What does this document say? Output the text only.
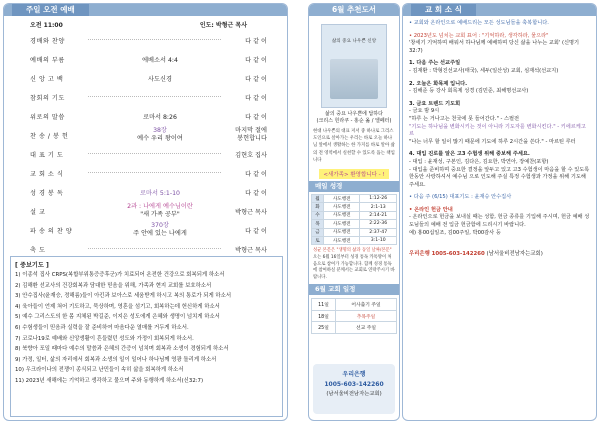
주일 오전 예배
오전 11:00	인도: 박형근 목사
경배와 찬양	다 같 이
예배의 부름	에베소서 4:4	다 같 이
신 앙 고 백	사도신경	다 같 이
참회의 기도	다 같 이
위로의 말씀	로마서 8:26	다 같 이
찬 송 / 봉 헌
38장
예수 우리 왕이여
마지막 절에
봉헌합니다
대 표 기 도	김현호 집사
교 회 소 식	다 같 이
성 경 봉 독	로마서 5:1-10	다 같 이
설 교
2과 : 나에게 예수님이란
"새 가족 공부"	박형근 목사
파 송 의 찬 양
370장
주 안에 있는 나에게	다 같 이
축 도	박형근 목사
[ 중보기도 ]
1) 이종석 집사 CRPS(복합부위통증증후군)가 치료되어 온전한 건강으로 회복되게 하소서
2) 김해환 선교사의 건강회복과 담대한 믿음을 위해, 가족과 현지 교회를 보호하소서
3) 안수집사(윤재승, 정해름)들이 아킨과 보아스로 세움받게 하시고 복의 통로가 되게 하소서
4) 육아들이 언제 쳐어 기도하고, 묵상하며, 영혼을 섬기고, 회복하는데 헌신하게 하소서
5) 예수 그리스도의 한 몸 지체된 박길준, 이지은 성도에게 은혜와 생명이 넘치게 하소서
6) 수험생들이 믿음과 실력을 잘 준비하여 마음다운 열매를 거두게 하소서.
7) 코로나19로 예배와 신앙생활이 흔들렸던 성도와 가정이 회복되게 하소서.
8) 북향아 포일 때마다 예수의 말씀과 은혜의 간증이 넘치며 회복과 소생이 경험되게 하소서
9) 가정, 일터, 삶의 자리에서 회복과 소생의 일이 일어나 하나님께 영광 돌리게 하소서
10) 우크라이나의 전쟁이 종식되고 난민들이 속히 삶을 회복하게 하소서
11) 2023년 새해에는 기억하고 생각하고 물으며 주와 동행하게 하소서(신32:7)
6월 추천도서
삶의 중요 나우쁜 신앙
삶의 중요 나우쁜에 답하다
(크리스 힌라쿠 - 홍순 옮 / 엘페터)
현대 나우쁜의 대표 저서 중 하나로 그리스도인으로 살아가는 우리는 바로 오늘 하나님 앞에서 생활하는 한 가지를 바로 알아 삶의 전 영역에서 실천할 수 있도록 돕는 책입니다
<새가족> 환영합니다 - !
매일 성경
월	사도행전	1:12-26
화	사도행전	2:1-13
수	사도행전	2:14-21
목	사도행전	2:22-36
금	사도행전	2:37-47
토	사도행전	3:1-10
성균 본문은 "생명의 삶과 동일 날짜/본문" 오는 6월 16일부터 성경 통독 카톡방이 처음으로 참여가 가능합니다. 함께 성경 통독에 참여하실 분께서는 교회로 연락주시기 바랍니다.
6월 교회 일정
11일	어사출기 주일
18일	추목주일
25일	선교 주일
우리은행
1005-603-142260
(남서울비전남자는교회)
교 회 소 식
• 교회와 온라인으로 예배드리는 모든 성도님들을 축복합니다.
• 2023년도 넘치는 교회 표어 : "기억하라, 생각하라, 물으라"
'창세기 기억하며 배워서 하나님께 예배하며 당신 삶을 나누는 교회' (신명기32:7)
1. 다음 주는 선교주일
- 김재환 : 박형진선교사(태국), 세두(일산성) 교회, 심재석(선교지)
2. 오늘은 화목제 입니다.
- 김해준 등 강사 회목제 성경 (김민준, 최해명선교사)
3. 금요 트렌드 기도회
- 금요 밤 9시
"하루 는 거나고는 천국에 못 들어간다." - 스펄전
"기도는 하나님을 변화시키는 것이 아니라 기도자를 변화시킨다." - 키에르케고르
"나는 너무 할 일이 많기 때문에 기도에 하루 2시간을 쓴다." - 마르틴 루터
4. 대입 진로를 알은 고3 수험생 위해 중보해 주세요.
- 대입 : 윤재성, 구본인, 김다은, 김요한, 박연아, 장예찬(포항)
- 대입을 준비하며 중요한 결정을 앞두고 있고 고3 수험생이 마음을 할 수 있도록 한동안 사랑하셔서 예수님 으로 인도해 주실 특정 수험생과 가정을 위해 기도해 주세요.
• 다음 주 (6/15) 대표기도 : 윤재승 안수집사
• 온라인 헌금 안내
- 온라인으로 헌금을 보내실 때는 성함, 헌금 종류를 기입해 주시며, 헌금 예배 성도님들의 예배 전 입금 헌금함에 드리시기 바랍니다.
예) 홍00십일조, 김00주일, 박00감사 등
우리은행 1005-603-142260 (남서울비전남자는교회)
